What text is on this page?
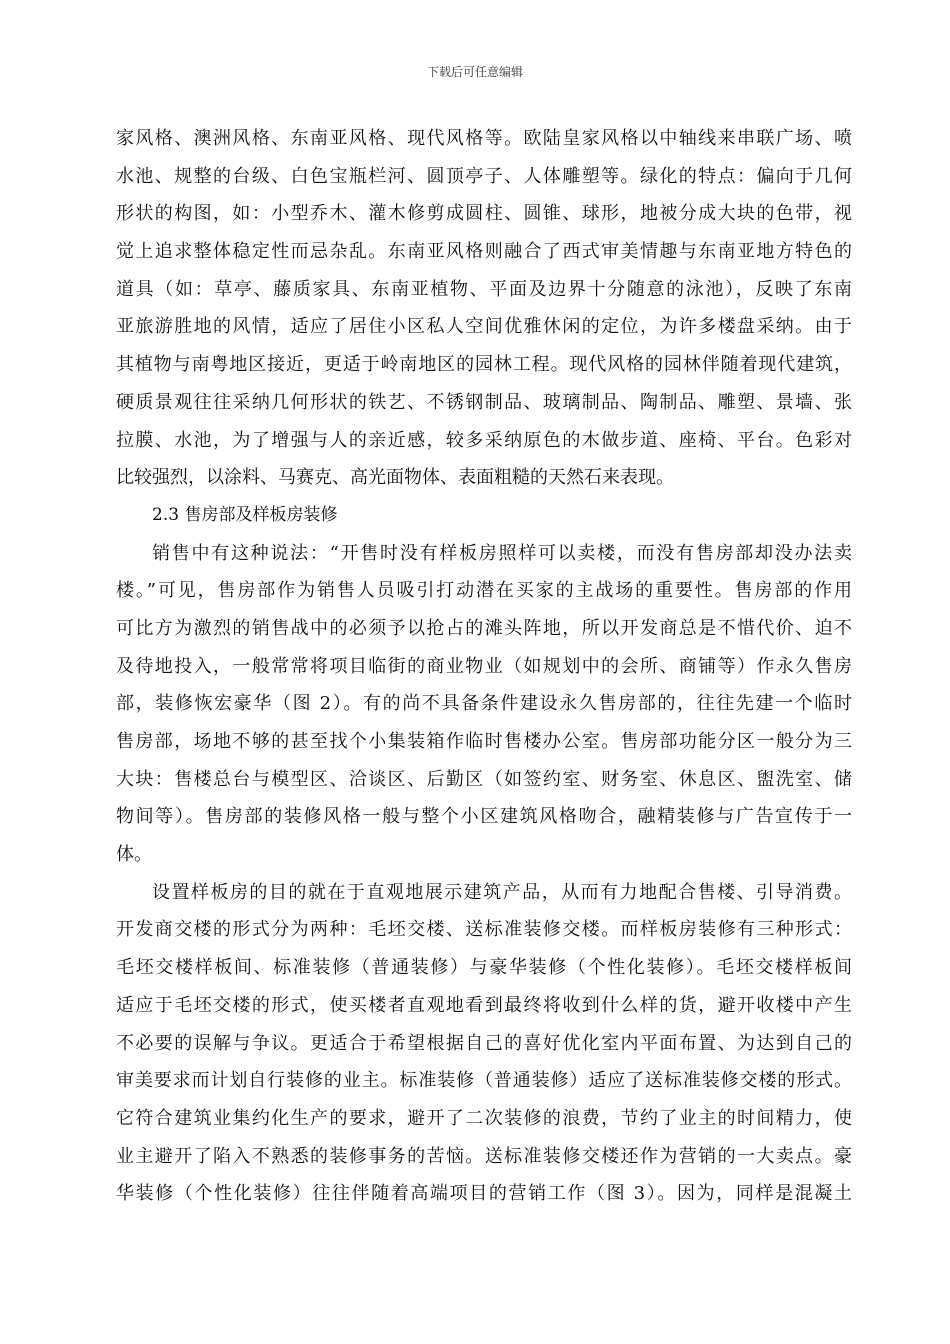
下载后可任意编辑
家风格、澳洲风格、东南亚风格、现代风格等。欧陆皇家风格以中轴线来串联广场、喷
水池、规整的台级、白色宝瓶栏河、圆顶亭子、人体雕塑等。绿化的特点：偏向于几何
形状的构图，如：小型乔木、灌木修剪成圆柱、圆锥、球形，地被分成大块的色带，视
觉上追求整体稳定性而忌杂乱。东南亚风格则融合了西式审美情趣与东南亚地方特色的
道具（如：草亭、藤质家具、东南亚植物、平面及边界十分随意的泳池），反映了东南
亚旅游胜地的风情，适应了居住小区私人空间优雅休闲的定位，为许多楼盘采纳。由于
其植物与南粤地区接近，更适于岭南地区的园林工程。现代风格的园林伴随着现代建筑，
硬质景观往往采纳几何形状的铁艺、不锈钢制品、玻璃制品、陶制品、雕塑、景墙、张
拉膜、水池，为了增强与人的亲近感，较多采纳原色的木做步道、座椅、平台。色彩对
比较强烈，以涂料、马赛克、高光面物体、表面粗糙的天然石来表现。
2.3 售房部及样板房装修
销售中有这种说法：“开售时没有样板房照样可以卖楼，而没有售房部却没办法卖
楼。”可见，售房部作为销售人员吸引打动潜在买家的主战场的重要性。售房部的作用
可比方为激烈的销售战中的必须予以抢占的滩头阵地，所以开发商总是不惜代价、迫不
及待地投入，一般常常将项目临街的商业物业（如规划中的会所、商铺等）作永久售房
部，装修恢宏豪华（图 2）。有的尚不具备条件建设永久售房部的，往往先建一个临时
售房部，场地不够的甚至找个小集装箱作临时售楼办公室。售房部功能分区一般分为三
大块：售楼总台与模型区、洽谈区、后勤区（如签约室、财务室、休息区、盥洗室、储
物间等）。售房部的装修风格一般与整个小区建筑风格吻合，融精装修与广告宣传于一
体。
设置样板房的目的就在于直观地展示建筑产品，从而有力地配合售楼、引导消费。
开发商交楼的形式分为两种：毛坯交楼、送标准装修交楼。而样板房装修有三种形式：
毛坯交楼样板间、标准装修（普通装修）与豪华装修（个性化装修）。毛坯交楼样板间
适应于毛坯交楼的形式，使买楼者直观地看到最终将收到什么样的货，避开收楼中产生
不必要的误解与争议。更适合于希望根据自己的喜好优化室内平面布置、为达到自己的
审美要求而计划自行装修的业主。标准装修（普通装修）适应了送标准装修交楼的形式。
它符合建筑业集约化生产的要求，避开了二次装修的浪费，节约了业主的时间精力，使
业主避开了陷入不熟悉的装修事务的苦恼。送标准装修交楼还作为营销的一大卖点。豪
华装修（个性化装修）往往伴随着高端项目的营销工作（图 3）。因为，同样是混凝土
